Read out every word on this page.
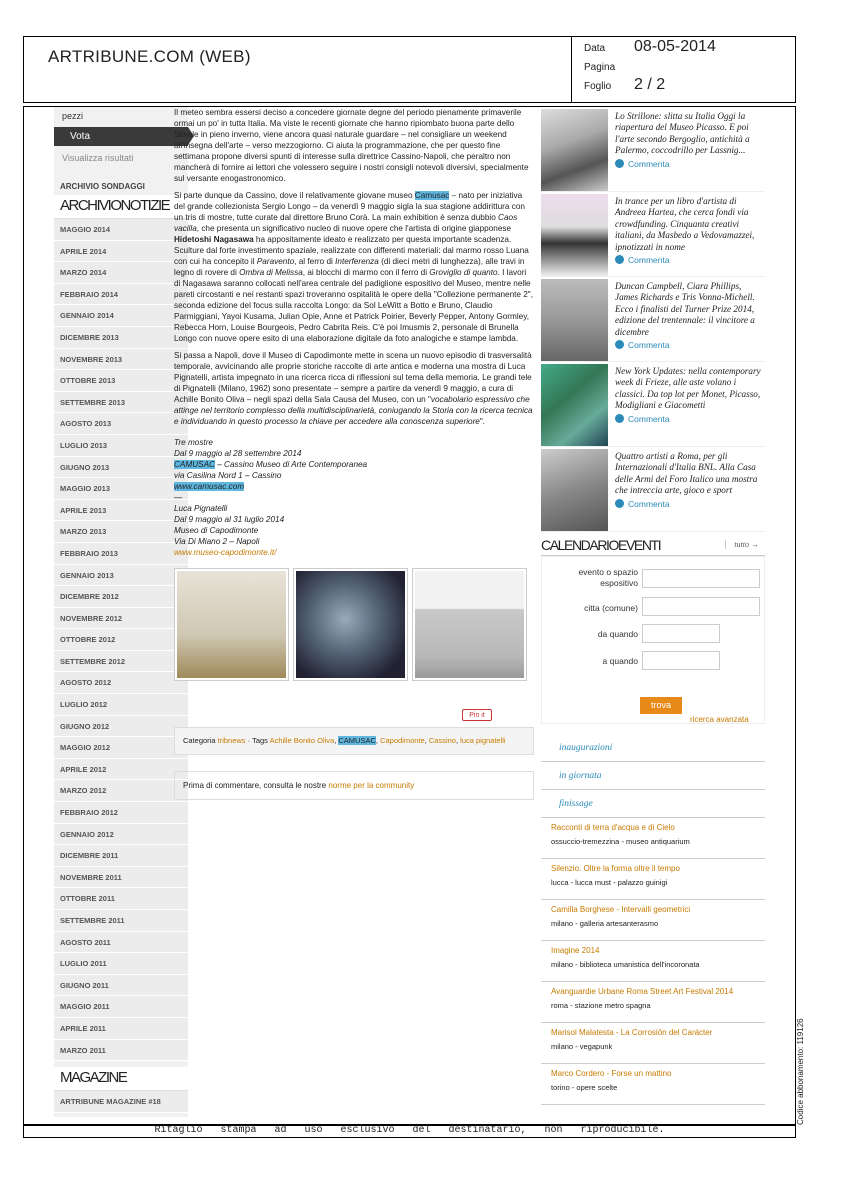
ARTRIBUNE.COM (WEB)	Data 08-05-2014
Pagina
Foglio 2 / 2
pezzi
Vota
Visualizza risultati
ARCHIVIO SONDAGGI
ARCHIVIONOTIZIE
MAGGIO 2014
APRILE 2014
MARZO 2014
FEBBRAIO 2014
GENNAIO 2014
DICEMBRE 2013
NOVEMBRE 2013
OTTOBRE 2013
SETTEMBRE 2013
AGOSTO 2013
LUGLIO 2013
GIUGNO 2013
MAGGIO 2013
APRILE 2013
MARZO 2013
FEBBRAIO 2013
GENNAIO 2013
DICEMBRE 2012
NOVEMBRE 2012
OTTOBRE 2012
SETTEMBRE 2012
AGOSTO 2012
LUGLIO 2012
GIUGNO 2012
MAGGIO 2012
APRILE 2012
MARZO 2012
FEBBRAIO 2012
GENNAIO 2012
DICEMBRE 2011
NOVEMBRE 2011
OTTOBRE 2011
SETTEMBRE 2011
AGOSTO 2011
LUGLIO 2011
GIUGNO 2011
MAGGIO 2011
APRILE 2011
MARZO 2011
MAGAZINE
ARTRIBUNE MAGAZINE #18

Il meteo sembra essersi deciso a concedere giornate degne del periodo pienamente primaverile ormai un po' in tutta Italia. Ma viste le recenti giornate che hanno ripiombato buona parte dello Stivale in pieno inverno, viene ancora quasi naturale guardare – nel consigliare un weekend all'insegna dell'arte – verso mezzogiorno. Ci aiuta la programmazione, che per questo fine settimana propone diversi spunti di interesse sulla direttrice Cassino-Napoli, che peraltro non mancherà di fornire ai lettori che volessero seguire i nostri consigli notevoli diversivi, specialmente sul versante enogastronomico.

Si parte dunque da Cassino, dove il relativamente giovane museo Camusac – nato per iniziativa del grande collezionista Sergio Longo – da venerdì 9 maggio sigla la sua stagione addirittura con un tris di mostre, tutte curate dal direttore Bruno Corà. La main exhibition è senza dubbio Caos vacilla, che presenta un significativo nucleo di nuove opere che l'artista di origine giapponese Hidetoshi Nagasawa ha appositamente ideato e realizzato per questa importante scadenza. Sculture dal forte investimento spaziale, realizzate con differenti materiali: dal marmo rosso Luana con cui ha concepito il Paravento, al ferro di Interferenza (di dieci metri di lunghezza), alle travi in legno di rovere di Ombra di Melissa, ai blocchi di marmo con il ferro di Groviglio di quanto. I lavori di Nagasawa saranno collocati nell'area centrale del padiglione espositivo del Museo, mentre nelle pareti circostanti e nei restanti spazi troveranno ospitalità le opere della "Collezione permanente 2", seconda edizione del focus sulla raccolta Longo: da Sol LeWitt a Botto e Bruno, Claudio Parmiggiani, Yayoi Kusama, Julian Opie, Anne et Patrick Poirier, Beverly Pepper, Antony Gormley, Rebecca Horn, Louise Bourgeois, Pedro Cabrita Reis. C'è poi Imusmis 2, personale di Brunella Longo con nuove opere esito di una elaborazione digitale da foto analogiche e stampe lambda.

Si passa a Napoli, dove il Museo di Capodimonte mette in scena un nuovo episodio di trasversalità temporale, avvicinando alle proprie storiche raccolte di arte antica e moderna una mostra di Luca Pignatelli, artista impegnato in una ricerca ricca di riflessioni sul tema della memoria. Le grandi tele di Pignatelli (Milano, 1962) sono presentate – sempre a partire da venerdì 9 maggio, a cura di Achille Bonito Oliva – negli spazi della Sala Causa del Museo, con un "vocabolario espressivo che attinge nel territorio complesso della multidisciplinarietà, coniugando la Storia con la ricerca tecnica e individuando in questo processo la chiave per accedere alla conoscenza superiore".

Tre mostre
Dal 9 maggio al 28 settembre 2014
CAMUSAC – Cassino Museo di Arte Contemporanea
via Casilina Nord 1 – Cassino
www.camusac.com
—
Luca Pignatelli
Dal 9 maggio al 31 luglio 2014
Museo di Capodimonte
Via Di Miano 2 – Napoli
www.museo-capodimonte.it/
Pin it
Categoria tribnews · Tags Achille Bonito Oliva, CAMUSAC, Capodimonte, Cassino, luca pignatelli
Prima di commentare, consulta le nostre norme per la community
Lo Strillone: slitta su Italia Oggi la riapertura del Museo Picasso. E poi l'arte secondo Bergoglio, antichità a Palermo, coccodrillo per Lassnig...
Commenta
In trance per un libro d'artista di Andreea Hartea, che cerca fondi via crowdfunding. Cinquanta creativi italiani, da Masbedo a Vedovamazzei, ipnotizzati in nome
Commenta
Duncan Campbell, Ciara Phillips, James Richards e Tris Vonna-Michell. Ecco i finalisti del Turner Prize 2014, edizione del trentennale: il vincitore a dicembre
Commenta
New York Updates: nella contemporary week di Frieze, alle aste volano i classici. Da top lot per Monet, Picasso, Modigliani e Giacometti
Commenta
Quattro artisti a Roma, per gli Internazionali d'Italia BNL. Alla Casa delle Armi del Foro Italico una mostra che intreccia arte, gioco e sport
Commenta
CALENDARIOEVENTI	tutto →
evento o spazio espositivo
citta (comune)
da quando
a quando
trova
ricerca avanzata
inaugurazioni
in giornata
finissage
Racconti di terra d'acqua e di Cielo
ossuccio-tremezzina - museo antiquarium
Silenzio. Oltre la forma oltre il tempo
lucca - lucca must - palazzo guinigi
Camilla Borghese - Intervalli geometrici
milano - galleria artesanterasmo
Imagine 2014
milano - biblioteca umanistica dell'incoronata
Avanguardie Urbane Roma Street Art Festival 2014
roma - stazione metro spagna
Marisol Malatesta - La Corrosión del Carácter
milano - vegapunk
Marco Cordero - Forse un mattino
torino - opere scelte
Ritaglio stampa ad uso esclusivo del destinatario, non riproducibile.
Codice abbonamento: 119126
